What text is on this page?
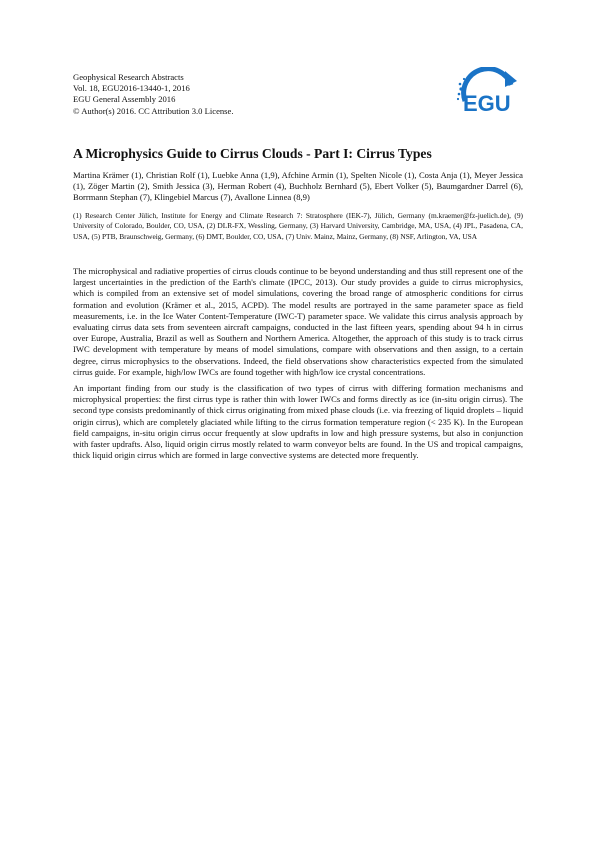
Geophysical Research Abstracts
Vol. 18, EGU2016-13440-1, 2016
EGU General Assembly 2016
© Author(s) 2016. CC Attribution 3.0 License.	EGU
A Microphysics Guide to Cirrus Clouds - Part I: Cirrus Types

Martina Krämer (1), Christian Rolf (1), Luebke Anna (1,9), Afchine Armin (1), Spelten Nicole (1), Costa Anja (1), Meyer Jessica (1), Zöger Martin (2), Smith Jessica (3), Herman Robert (4), Buchholz Bernhard (5), Ebert Volker (5), Baumgardner Darrel (6), Borrmann Stephan (7), Klingebiel Marcus (7), Avallone Linnea (8,9)

(1) Research Center Jülich, Institute for Energy and Climate Research 7: Stratosphere (IEK-7), Jülich, Germany (m.kraemer@fz-juelich.de), (9) University of Colorado, Boulder, CO, USA, (2) DLR-FX, Wessling, Germany, (3) Harvard University, Cambridge, MA, USA, (4) JPL, Pasadena, CA, USA, (5) PTB, Braunschweig, Germany, (6) DMT, Boulder, CO, USA, (7) Univ. Mainz, Mainz, Germany, (8) NSF, Arlington, VA, USA

The microphysical and radiative properties of cirrus clouds continue to be beyond understanding and thus still represent one of the largest uncertainties in the prediction of the Earth's climate (IPCC, 2013). Our study provides a guide to cirrus microphysics, which is compiled from an extensive set of model simulations, covering the broad range of atmospheric conditions for cirrus formation and evolution (Krämer et al., 2015, ACPD). The model results are portrayed in the same parameter space as field measurements, i.e. in the Ice Water Content-Temperature (IWC-T) parameter space. We validate this cirrus analysis approach by evaluating cirrus data sets from seventeen aircraft campaigns, conducted in the last fifteen years, spending about 94 h in cirrus over Europe, Australia, Brazil as well as Southern and Northern America. Altogether, the approach of this study is to track cirrus IWC development with temperature by means of model simulations, compare with observations and then assign, to a certain degree, cirrus microphysics to the observations. Indeed, the field observations show characteristics expected from the simulated cirrus guide. For example, high/low IWCs are found together with high/low ice crystal concentrations.

An important finding from our study is the classification of two types of cirrus with differing formation mechanisms and microphysical properties: the first cirrus type is rather thin with lower IWCs and forms directly as ice (in-situ origin cirrus). The second type consists predominantly of thick cirrus originating from mixed phase clouds (i.e. via freezing of liquid droplets – liquid origin cirrus), which are completely glaciated while lifting to the cirrus formation temperature region (< 235 K). In the European field campaigns, in-situ origin cirrus occur frequently at slow updrafts in low and high pressure systems, but also in conjunction with faster updrafts. Also, liquid origin cirrus mostly related to warm conveyor belts are found. In the US and tropical campaigns, thick liquid origin cirrus which are formed in large convective systems are detected more frequently.
